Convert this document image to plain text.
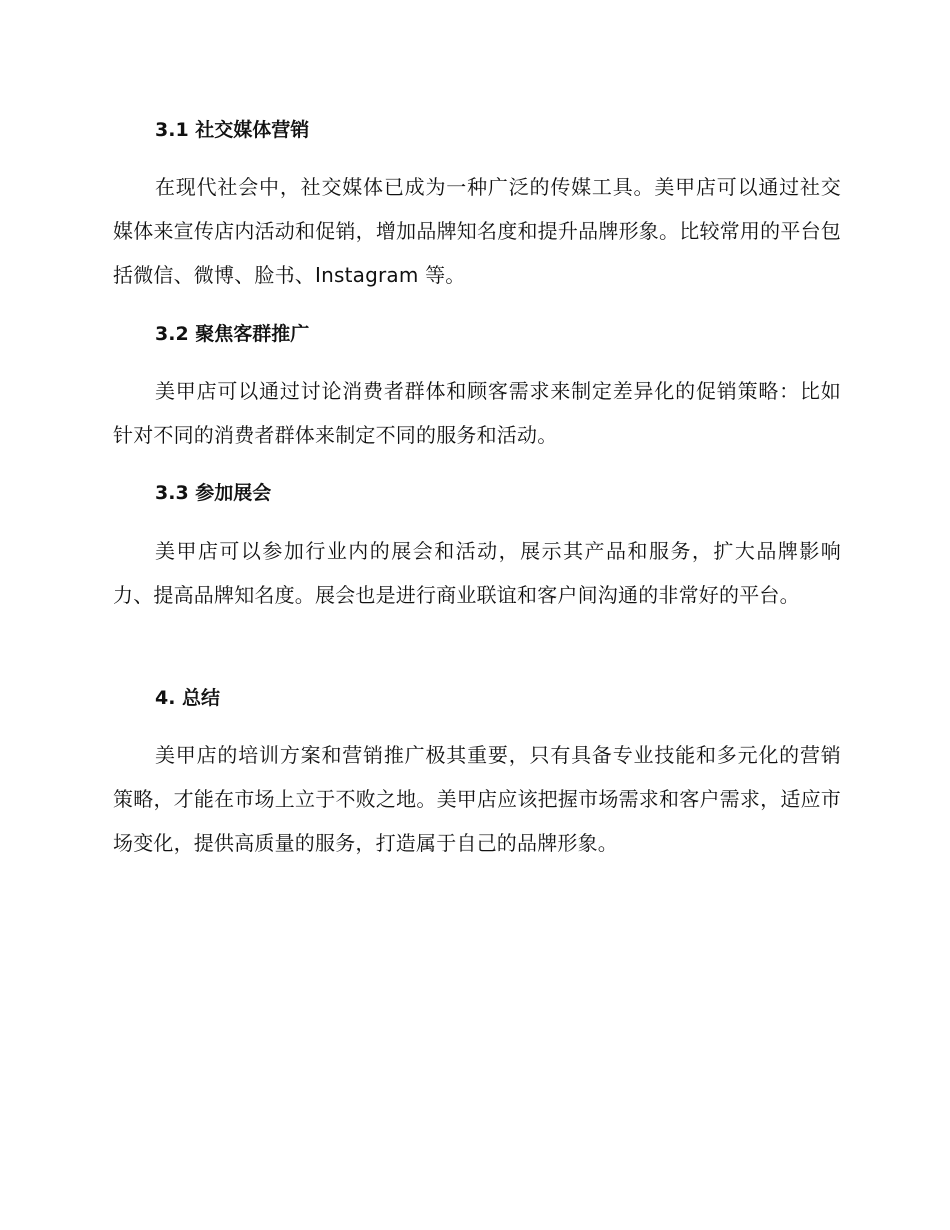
3.1 社交媒体营销

在现代社会中，社交媒体已成为一种广泛的传媒工具。美甲店可以通过社交媒体来宣传店内活动和促销，增加品牌知名度和提升品牌形象。比较常用的平台包括微信、微博、脸书、Instagram 等。

3.2 聚焦客群推广

美甲店可以通过讨论消费者群体和顾客需求来制定差异化的促销策略：比如针对不同的消费者群体来制定不同的服务和活动。

3.3 参加展会

美甲店可以参加行业内的展会和活动，展示其产品和服务，扩大品牌影响力、提高品牌知名度。展会也是进行商业联谊和客户间沟通的非常好的平台。

4. 总结

美甲店的培训方案和营销推广极其重要，只有具备专业技能和多元化的营销策略，才能在市场上立于不败之地。美甲店应该把握市场需求和客户需求，适应市场变化，提供高质量的服务，打造属于自己的品牌形象。
